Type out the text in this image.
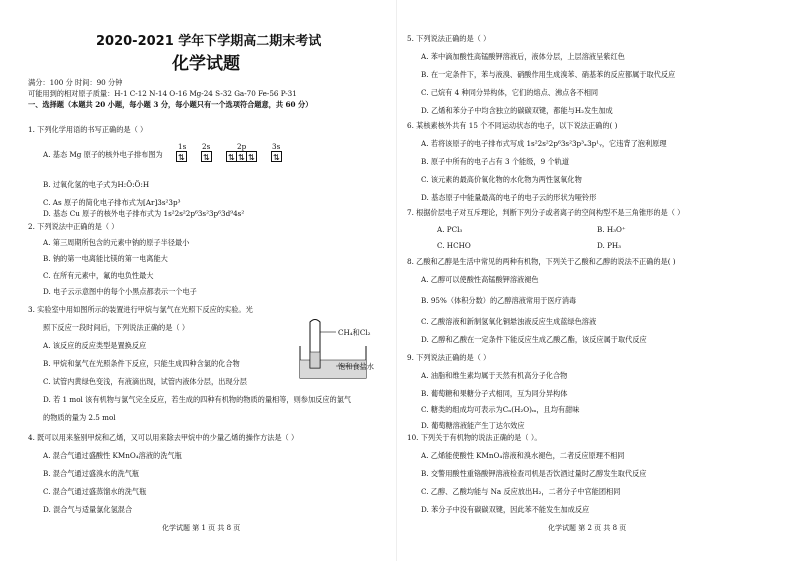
2020-2021 学年下学期高二期末考试
化学试题
满分：100 分 时间：90 分钟
可能用到的相对原子质量：H-1 C-12 N-14 O-16 Mg-24 S-32 Ga-70 Fe-56 P-31
一、选择题（本题共 20 小题，每小题 3 分，每小题只有一个选项符合题意，共 60 分）
1. 下列化学用语的书写正确的是（ ）
1s 2s	2p	3s
A. 基态 Mg 原子的核外电子排布图为 ⇅ ⇅ ⇅ ⇅ ⇅ ⇅
B. 过氧化氢的电子式为H:Ö:Ö:H
C. As 原子的简化电子排布式为[Ar]3s²3p³
D. 基态 Cu 原子的核外电子排布式为 1s²2s²2p⁶3s²3p⁶3d⁹4s²
2. 下列说法中正确的是（ ）
A. 第三周期所包含的元素中钠的原子半径最小
B. 钠的第一电离能比镁的第一电离能大
C. 在所有元素中，氟的电负性最大
D. 电子云示意图中的每个小黑点都表示一个电子
3. 实验室中用如图所示的装置进行甲烷与氯气在光照下反应的实验。光
照下反应一段时间后，下列说法正确的是（ ）
A. 该反应的反应类型是置换反应
B. 甲烷和氯气在光照条件下反应，只能生成四种含氯的化合物
C. 试管内黄绿色变浅，有液滴出现，试管内液体分层，出现分层
D. 若 1 mol 该有机物与氯气完全反应，若生成的四种有机物的物质的量相等，则参加反应的氯气
的物质的量为 2.5 mol
CH₄和Cl₂
饱和食盐水
4. 既可以用来鉴别甲烷和乙烯，又可以用来除去甲烷中的少量乙烯的操作方法是（ ）
A. 混合气通过盛酸性 KMnO₄溶液的洗气瓶
B. 混合气通过盛溴水的洗气瓶
C. 混合气通过盛蒸馏水的洗气瓶
D. 混合气与适量氯化氢混合
化学试题 第 1 页 共 8 页
5. 下列说法正确的是（ ）
A. 苯中滴加酸性高锰酸钾溶液后，液体分层，上层溶液呈紫红色
B. 在一定条件下，苯与液溴、硝酸作用生成溴苯、硝基苯的反应都属于取代反应
C. 己烷有 4 种同分异构体，它们的熔点、沸点各不相同
D. 乙烯和苯分子中均含独立的碳碳双键，都能与H₂发生加成
6. 某核素核外共有 15 个不同运动状态的电子，以下说法正确的( )
A. 若将该原子的电子排布式写成 1s²2s²2p⁶3s²3p³ₓ3p¹ᵧ，它违背了泡利原理
B. 原子中所有的电子占有 3 个能级，9 个轨道
C. 该元素的最高价氧化物的水化物为两性氢氧化物
D. 基态原子中能量最高的电子的电子云的形状为哑铃形
7. 根据价层电子对互斥理论，判断下列分子或者离子的空间构型不是三角锥形的是（ ）
A. PCl₃	B. H₃O⁺
C. HCHO	D. PH₃
8. 乙酸和乙醇是生活中常见的两种有机物，下列关于乙酸和乙醇的说法不正确的是( )
A. 乙醇可以使酸性高锰酸钾溶液褪色
B. 95%（体积分数）的乙醇溶液常用于医疗消毒
C. 乙酸溶液和新制氢氧化铜悬浊液反应生成蓝绿色溶液
D. 乙醇和乙酸在一定条件下能反应生成乙酸乙酯，该反应属于取代反应
9. 下列说法正确的是（ ）
A. 油脂和维生素均属于天然有机高分子化合物
B. 葡萄糖和果糖分子式相同，互为同分异构体
C. 糖类的组成均可表示为Cₙ(H₂O)ₘ，且均有甜味
D. 葡萄糖溶液能产生丁达尔效应
10. 下列关于有机物的说法正确的是（ ）。
A. 乙烯能使酸性 KMnO₄溶液和溴水褪色，二者反应原理不相同
B. 交警用酸性重铬酸钾溶液检查司机是否饮酒过量时乙醇发生取代反应
C. 乙醇、乙酸均能与 Na 反应放出H₂，二者分子中官能团相同
D. 苯分子中没有碳碳双键，因此苯不能发生加成反应
化学试题 第 2 页 共 8 页
